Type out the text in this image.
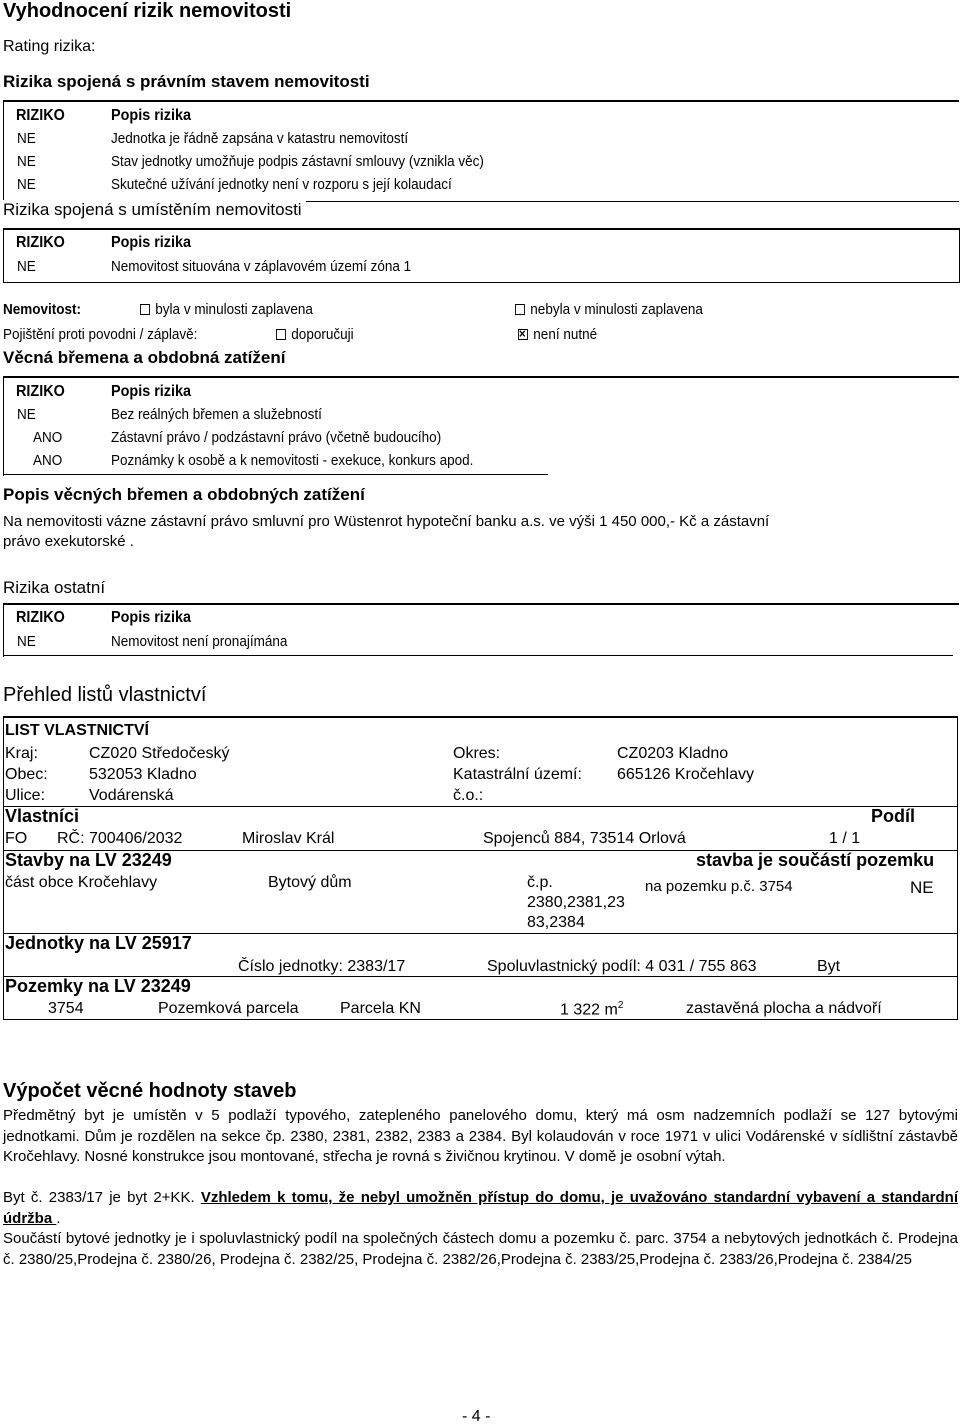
Vyhodnocení rizik nemovitosti
Rating rizika:
Rizika spojená s právním stavem nemovitosti
RIZIKO	Popis rizika
NE	Jednotka je řádně zapsána v katastru nemovitostí
NE	Stav jednotky umožňuje podpis zástavní smlouvy (vznikla věc)
NE	Skutečné užívání jednotky není v rozporu s její kolaudací
Rizika spojená s umístěním nemovitosti
RIZIKO	Popis rizika
NE	Nemovitost situována v záplavovém území zóna 1
Nemovitost:	byla v minulosti zaplavena	nebyla v minulosti zaplavena
Pojištění proti povodni / záplavě:	doporučuji
×	není nutné
Věcná břemena a obdobná zatížení
RIZIKO	Popis rizika
NE	Bez reálných břemen a služebností
ANO	Zástavní právo / podzástavní právo (včetně budoucího)
ANO	Poznámky k osobě a k nemovitosti - exekuce, konkurs apod.
Popis věcných břemen a obdobných zatížení
Na nemovitosti vázne zástavní právo smluvní pro Wüstenrot hypoteční banku a.s. ve výši 1 450 000,- Kč a zástavní
právo exekutorské .
Rizika ostatní
RIZIKO	Popis rizika
NE	Nemovitost není pronajímána
Přehled listů vlastnictví
LIST VLASTNICTVÍ
Kraj:	CZ020 Středočeský	Okres:	CZ0203 Kladno
Obec:	532053 Kladno	Katastrální území: 665126 Kročehlavy
Ulice:	Vodárenská	č.o.:
Vlastníci	Podíl
FO RČ: 700406/2032	Miroslav Král	Spojenců 884, 73514 Orlová	1 / 1
Stavby na LV 23249	stavba je součástí pozemku
část obce Kročehlavy	Bytový dům	č.p.
2380,2381,23
83,2384
na pozemku p.č. 3754	NE
Jednotky na LV 25917
Číslo jednotky: 2383/17	Spoluvlastnický podíl: 4 031 / 755 863	Byt
Pozemky na LV 23249
3754	Pozemková parcela	Parcela KN	1 322 $m^2$	zastavěná plocha a nádvoří
Výpočet věcné hodnoty staveb
Předmětný byt je umístěn v 5 podlaží typového, zatepleného panelového domu, který má osm nadzemních podlaží se 127 bytovými jednotkami. Dům je rozdělen na sekce čp. 2380, 2381, 2382, 2383 a 2384. Byl kolaudován v roce 1971 v ulici Vodárenské v sídlištní zástavbě Kročehlavy. Nosné konstrukce jsou montované, střecha je rovná s živičnou krytinou. V domě je osobní výtah.
Byt č. 2383/17 je byt 2+KK. Vzhledem k tomu, že nebyl umožněn přístup do domu, je uvažováno standardní vybavení a standardní údržba .
Součástí bytové jednotky je i spoluvlastnický podíl na společných částech domu a pozemku č. parc. 3754 a nebytových jednotkách č. Prodejna č. 2380/25,Prodejna č. 2380/26, Prodejna č. 2382/25, Prodejna č. 2382/26,Prodejna č. 2383/25,Prodejna č. 2383/26,Prodejna č. 2384/25
- 4 -
